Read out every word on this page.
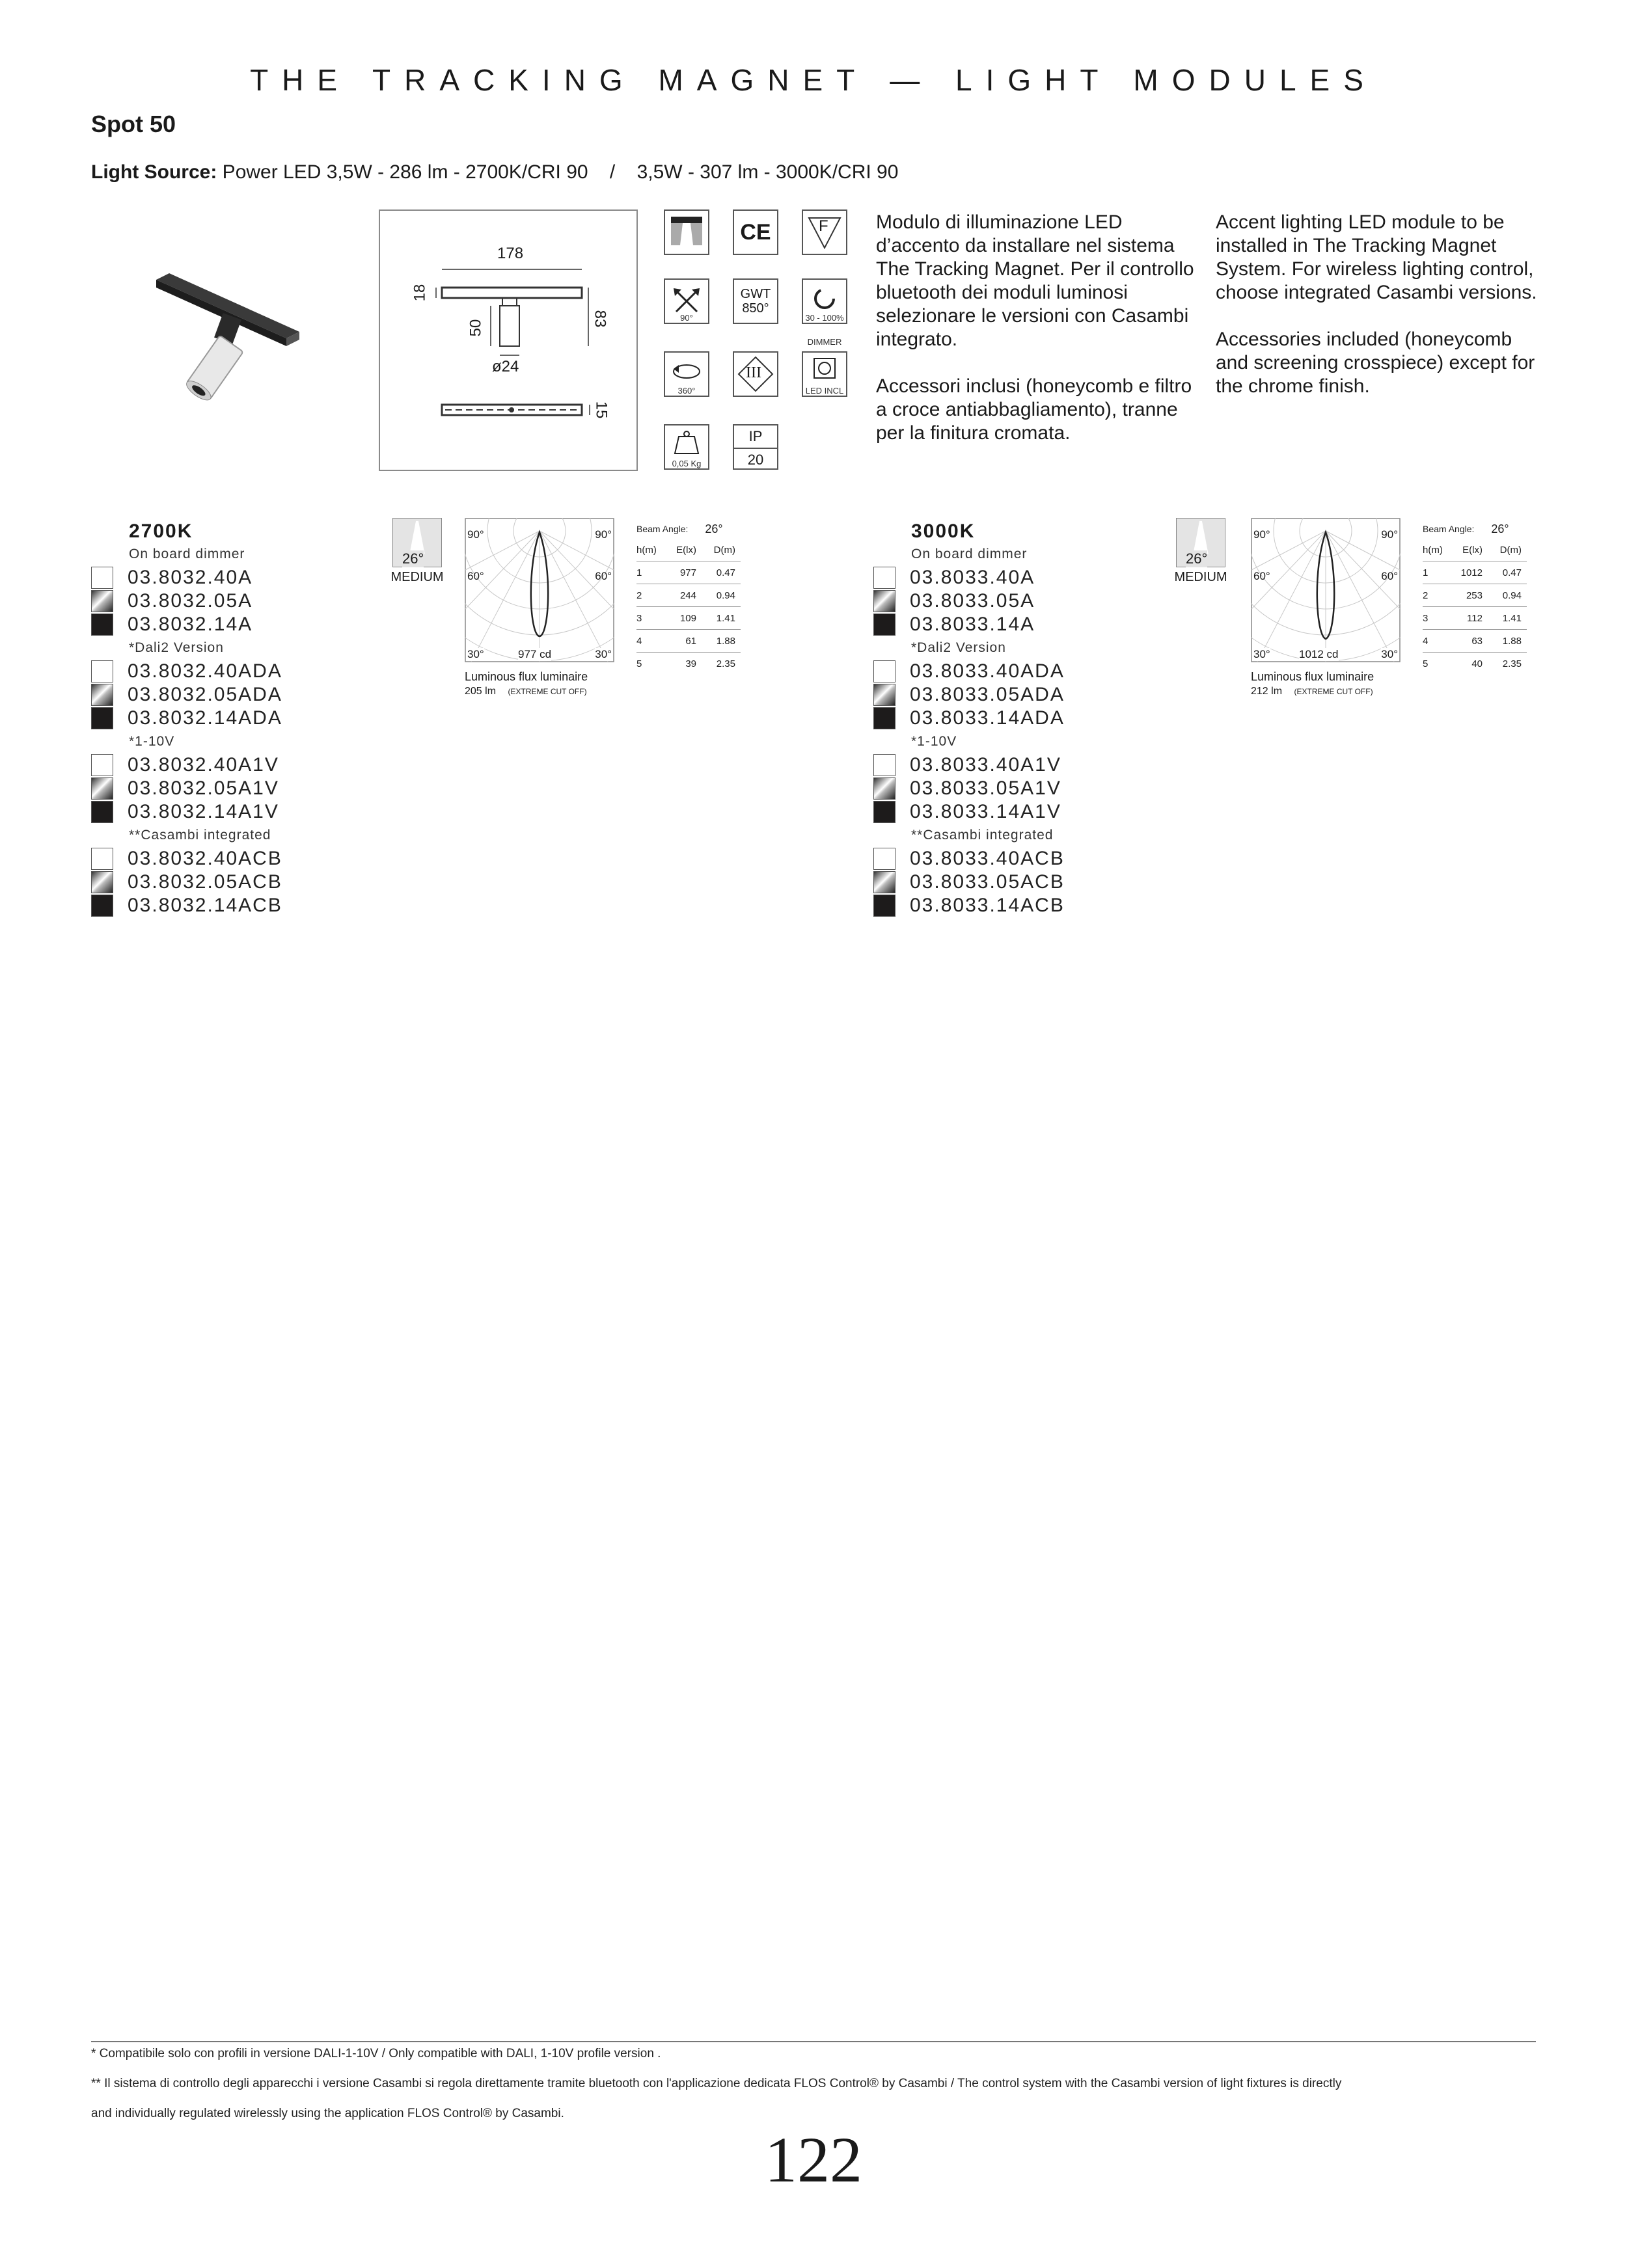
THE TRACKING MAGNET — LIGHT MODULES
Spot 50
Light Source: Power LED 3,5W - 286 lm - 2700K/CRI 90    /    3,5W - 307 lm - 3000K/CRI 90
178
18
50
83
ø24
15
CE	F
90°
GWT 850°
30 - 100%
DIMMER
360°
III
LED INCL
0,05 Kg
IP
20

Modulo di illuminazione LED d’accento da installare nel sistema The Tracking Magnet. Per il controllo bluetooth dei moduli luminosi selezionare le versioni con Casambi integrato.

Accessori inclusi (honeycomb e filtro a croce antiabbagliamento), tranne per la finitura cromata.

Accent lighting LED module to be installed in The Tracking Magnet System. For wireless lighting control, choose integrated Casambi versions.

Accessories included (honeycomb and screening crosspiece) except for the chrome finish.

2700K
On board dimmer
03.8032.40A
03.8032.05A
03.8032.14A
*Dali2 Version
03.8032.40ADA
03.8032.05ADA
03.8032.14ADA
*1-10V
03.8032.40A1V
03.8032.05A1V
03.8032.14A1V
**Casambi integrated
03.8032.40ACB
03.8032.05ACB
03.8032.14ACB
26°
MEDIUM
90°	90°
60°	60°
30°	30°
977 cd
Luminous flux luminaire
205 lm (EXTREME CUT OFF)
Beam Angle: 26°
h(m)	E(lx)	D(m)
1	977	0.47
2	244	0.94
3	109	1.41
4	61	1.88
5	39	2.35
3000K
On board dimmer
03.8033.40A
03.8033.05A
03.8033.14A
*Dali2 Version
03.8033.40ADA
03.8033.05ADA
03.8033.14ADA
*1-10V
03.8033.40A1V
03.8033.05A1V
03.8033.14A1V
**Casambi integrated
03.8033.40ACB
03.8033.05ACB
03.8033.14ACB
26°
MEDIUM
90°	90°
60°	60°
30°	30°
1012 cd
Luminous flux luminaire
212 lm (EXTREME CUT OFF)
Beam Angle: 26°
h(m)	E(lx)	D(m)
1	1012	0.47
2	253	0.94
3	112	1.41
4	63	1.88
5	40	2.35
* Compatibile solo con profili in versione DALI-1-10V / Only compatible with DALI, 1-10V profile version .
** Il sistema di controllo degli apparecchi i versione Casambi si regola direttamente tramite bluetooth con l'applicazione dedicata FLOS Control® by Casambi / The control system with the Casambi version of light fixtures is directly
and individually regulated wirelessly using the application FLOS Control® by Casambi.
122
